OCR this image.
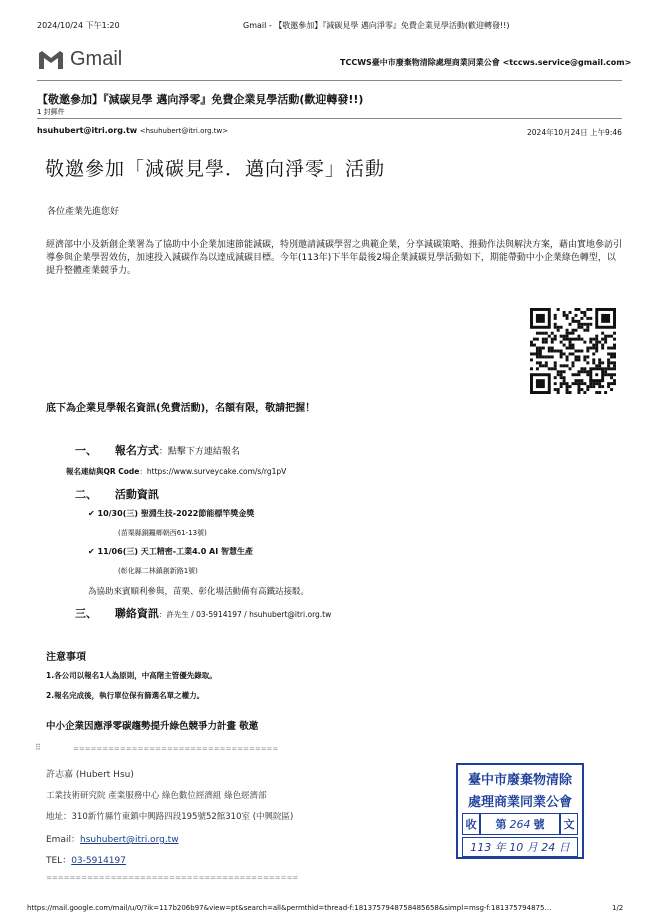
2024/10/24 下午1:20	Gmail - 【敬邀參加】『減碳見學 邁向淨零』免費企業見學活動(歡迎轉發!!)
Gmail	TCCWS臺中市廢棄物清除處理商業同業公會 <tccws.service@gmail.com>
【敬邀參加】『減碳見學 邁向淨零』免費企業見學活動(歡迎轉發!!)
1 封郵件
hsuhubert@itri.org.tw <hsuhubert@itri.org.tw>	2024年10月24日 上午9:46
敬邀參加「減碳見學．邁向淨零」活動
各位產業先進您好
經濟部中小及新創企業署為了協助中小企業加速節能減碳，特別邀請減碳學習之典範企業，分享減碳策略、推動作法與解決方案，藉由實地參訪引導參與企業學習效仿，加速投入減碳作為以達成減碳目標。今年(113年)下半年最後2場企業減碳見學活動如下，期能帶動中小企業綠色轉型，以提升整體產業競爭力。
底下為企業見學報名資訊(免費活動)，名額有限，敬請把握！
一、 報名方式：點擊下方連結報名
報名連結與QR Code：https://www.surveycake.com/s/rg1pV
二、 活動資訊
✔ 10/30(三) 聖淵生技-2022節能標竿獎金獎
(苗栗縣銅鑼鄉朝西61-13號)
✔ 11/06(三) 天工精密-工業4.0 AI 智慧生產
(彰化縣二林鎮創新路1號)
為協助來賓順利參與，苗栗、彰化場活動備有高鐵站接駁。
三、 聯絡資訊：許先生 / 03-5914197 / hsuhubert@itri.org.tw
注意事項
1.各公司以報名1人為原則，中高階主管優先錄取。
2.報名完成後，執行單位保有篩選名單之權力。
中小企業因應淨零碳趨勢提升綠色競爭力計畫 敬邀
⠿	===================================
許志嘉 (Hubert Hsu)
工業技術研究院 產業服務中心 綠色數位經濟組 綠色經濟部
地址：310新竹縣竹東鎮中興路四段195號52館310室 (中興院區)
Email：hsuhubert@itri.org.tw
TEL：03-5914197
===========================================
臺中市廢棄物清除
處理商業同業公會
收	第 264 號	文
113 年 10 月 24 日
https://mail.google.com/mail/u/0/?ik=117b206b97&view=pt&search=all&permthid=thread-f:1813757948758485658&simpl=msg-f:181375794875…	1/2
